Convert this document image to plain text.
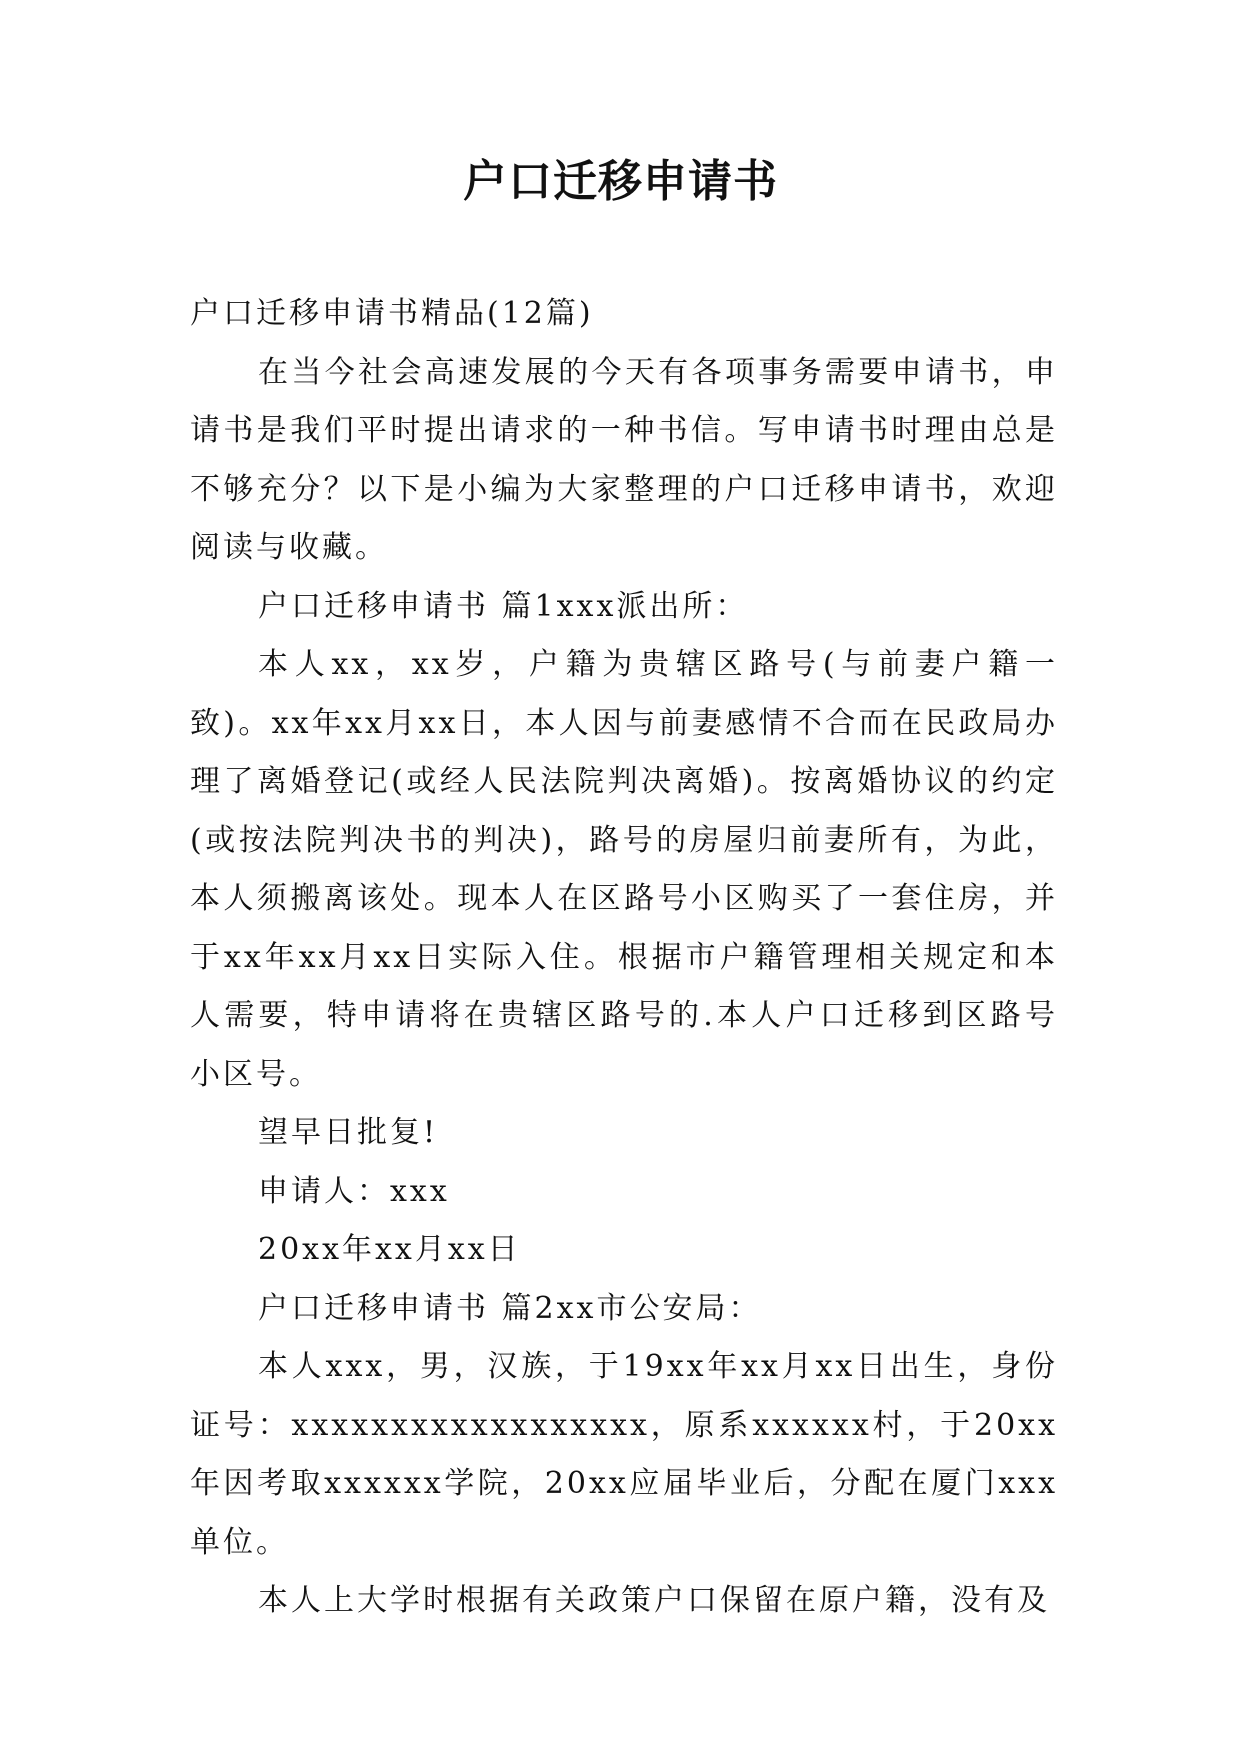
户口迁移申请书

户口迁移申请书精品(12篇)

在当今社会高速发展的今天有各项事务需要申请书，申请书是我们平时提出请求的一种书信。写申请书时理由总是不够充分？以下是小编为大家整理的户口迁移申请书，欢迎阅读与收藏。

户口迁移申请书 篇1xxx派出所：

本人xx，xx岁，户籍为贵辖区路号(与前妻户籍一致)。xx年xx月xx日，本人因与前妻感情不合而在民政局办理了离婚登记(或经人民法院判决离婚)。按离婚协议的约定(或按法院判决书的判决)，路号的房屋归前妻所有，为此，本人须搬离该处。现本人在区路号小区购买了一套住房，并于xx年xx月xx日实际入住。根据市户籍管理相关规定和本人需要，特申请将在贵辖区路号的.本人户口迁移到区路号小区号。

望早日批复!

申请人：xxx

20xx年xx月xx日

户口迁移申请书 篇2xx市公安局：

本人xxx，男，汉族，于19xx年xx月xx日出生，身份证号：xxxxxxxxxxxxxxxxxx，原系xxxxxx村，于20xx年因考取xxxxxx学院，20xx应届毕业后，分配在厦门xxx单位。

本人上大学时根据有关政策户口保留在原户籍，没有及
